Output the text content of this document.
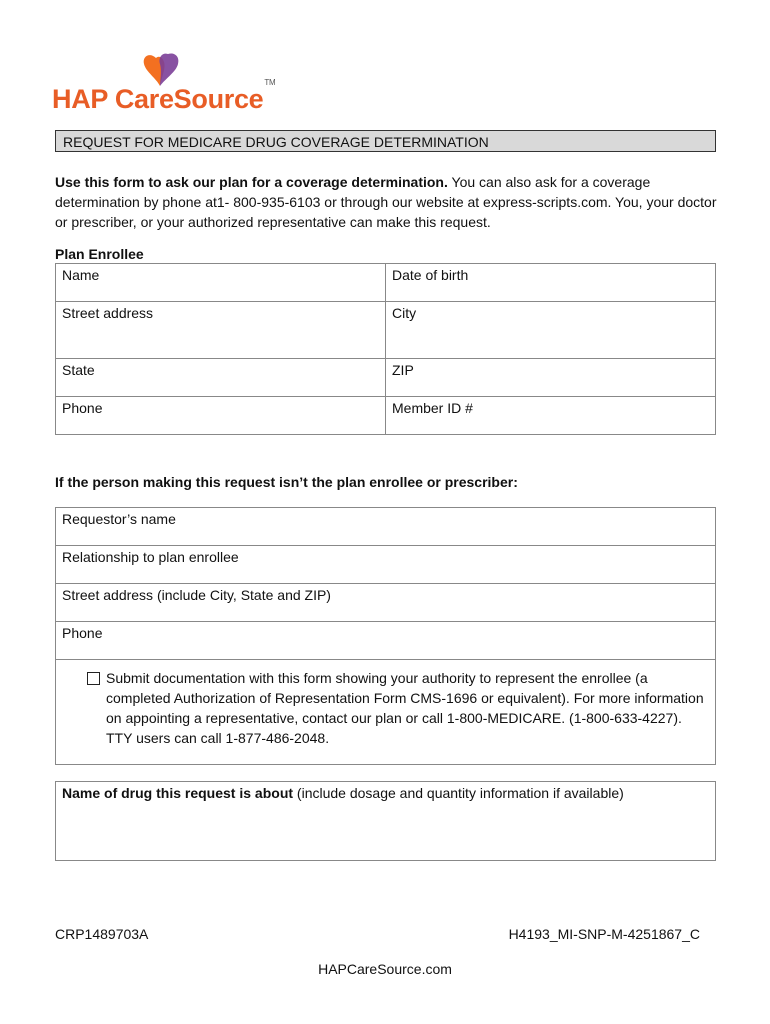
HAP CareSource™
REQUEST FOR MEDICARE DRUG COVERAGE DETERMINATION
Use this form to ask our plan for a coverage determination. You can also ask for a coverage determination by phone at1- 800-935-6103 or through our website at express-scripts.com. You, your doctor or prescriber, or your authorized representative can make this request.
Plan Enrollee
Name	Date of birth
Street address	City
State	ZIP
Phone	Member ID #
If the person making this request isn’t the plan enrollee or prescriber:
Requestor’s name
Relationship to plan enrollee
Street address (include City, State and ZIP)
Phone

Submit documentation with this form showing your authority to represent the enrollee (a completed Authorization of Representation Form CMS-1696 or equivalent). For more information on appointing a representative, contact our plan or call 1-800-MEDICARE. (1-800-633-4227). TTY users can call 1-877-486-2048.
Name of drug this request is about (include dosage and quantity information if available)
CRP1489703A	H4193_MI-SNP-M-4251867_C
HAPCareSource.com
